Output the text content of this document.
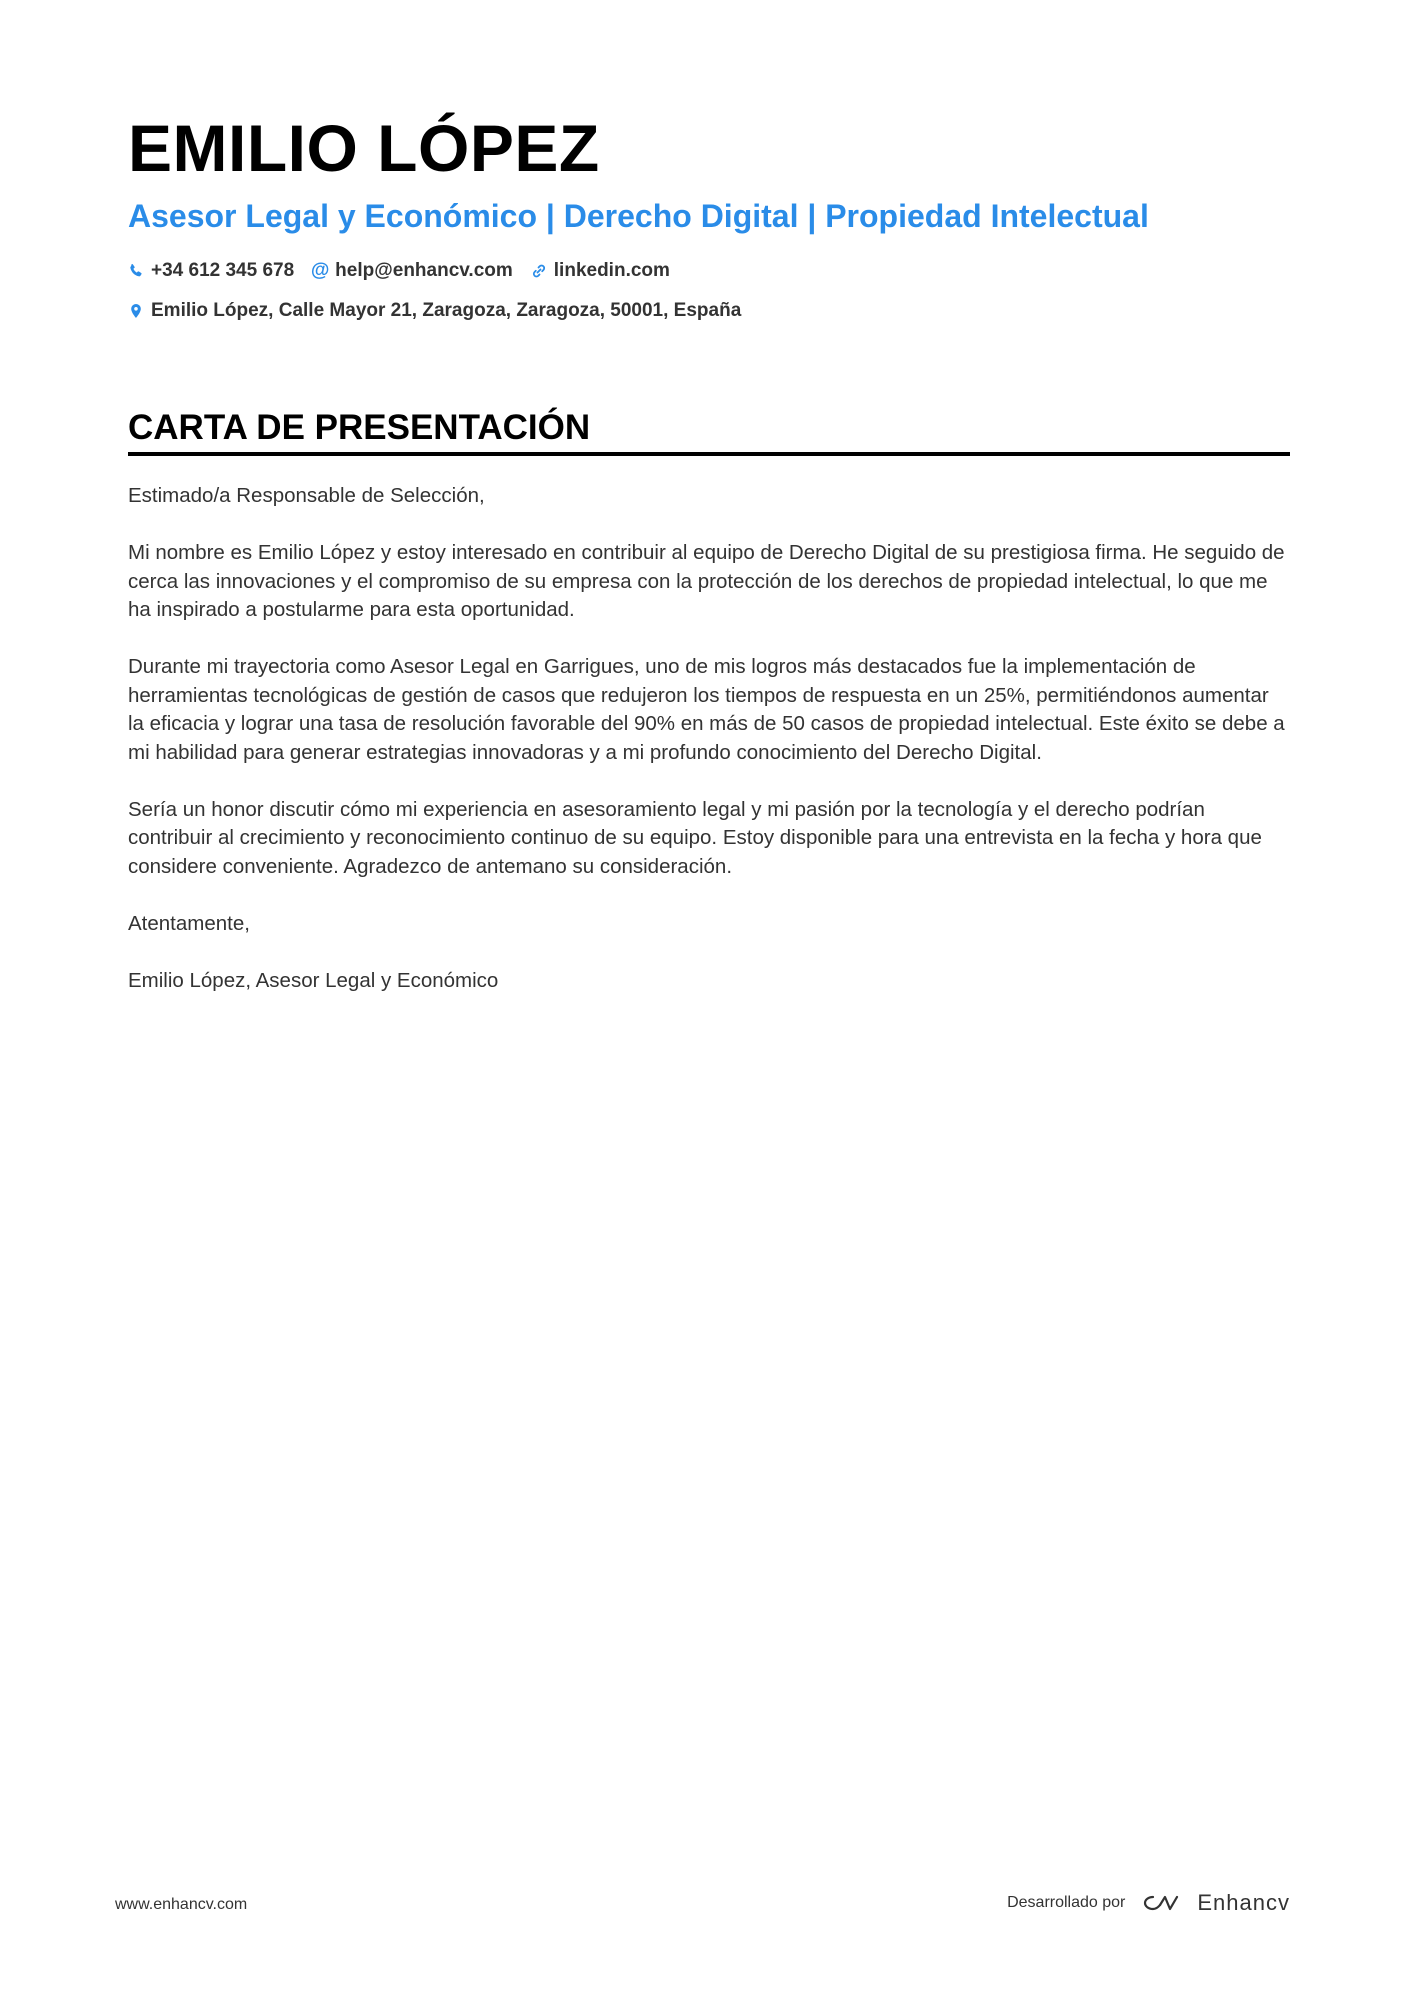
EMILIO LÓPEZ
Asesor Legal y Económico | Derecho Digital | Propiedad Intelectual
+34 612 345 678 @ help@enhancv.com linkedin.com
Emilio López, Calle Mayor 21, Zaragoza, Zaragoza, 50001, España
CARTA DE PRESENTACIÓN

Estimado/a Responsable de Selección,

Mi nombre es Emilio López y estoy interesado en contribuir al equipo de Derecho Digital de su prestigiosa firma. He seguido de cerca las innovaciones y el compromiso de su empresa con la protección de los derechos de propiedad intelectual, lo que me ha inspirado a postularme para esta oportunidad.

Durante mi trayectoria como Asesor Legal en Garrigues, uno de mis logros más destacados fue la implementación de herramientas tecnológicas de gestión de casos que redujeron los tiempos de respuesta en un 25%, permitiéndonos aumentar la eficacia y lograr una tasa de resolución favorable del 90% en más de 50 casos de propiedad intelectual. Este éxito se debe a mi habilidad para generar estrategias innovadoras y a mi profundo conocimiento del Derecho Digital.

Sería un honor discutir cómo mi experiencia en asesoramiento legal y mi pasión por la tecnología y el derecho podrían contribuir al crecimiento y reconocimiento continuo de su equipo. Estoy disponible para una entrevista en la fecha y hora que considere conveniente. Agradezco de antemano su consideración.

Atentamente,

Emilio López, Asesor Legal y Económico

www.enhancv.com	Desarrollado por	Enhancv
